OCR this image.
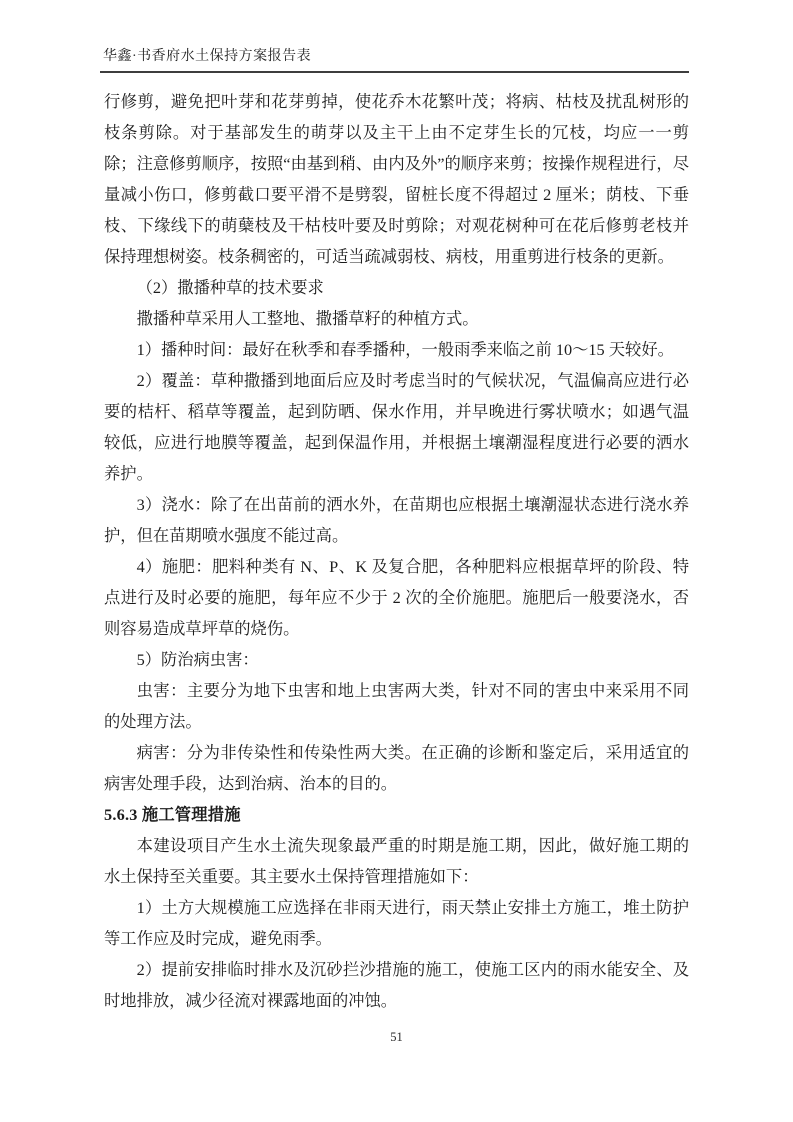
华鑫·书香府水土保持方案报告表

行修剪，避免把叶芽和花芽剪掉，使花乔木花繁叶茂；将病、枯枝及扰乱树形的枝条剪除。对于基部发生的萌芽以及主干上由不定芽生长的冗枝，均应一一剪除；注意修剪顺序，按照“由基到稍、由内及外”的顺序来剪；按操作规程进行，尽量减小伤口，修剪截口要平滑不是劈裂，留桩长度不得超过 2 厘米；荫枝、下垂枝、下缘线下的萌蘖枝及干枯枝叶要及时剪除；对观花树种可在花后修剪老枝并保持理想树姿。枝条稠密的，可适当疏减弱枝、病枝，用重剪进行枝条的更新。

（2）撒播种草的技术要求

撒播种草采用人工整地、撒播草籽的种植方式。

1）播种时间：最好在秋季和春季播种，一般雨季来临之前 10～15 天较好。

2）覆盖：草种撒播到地面后应及时考虑当时的气候状况，气温偏高应进行必要的桔杆、稻草等覆盖，起到防晒、保水作用，并早晚进行雾状喷水；如遇气温较低，应进行地膜等覆盖，起到保温作用，并根据土壤潮湿程度进行必要的洒水养护。

3）浇水：除了在出苗前的洒水外，在苗期也应根据土壤潮湿状态进行浇水养护，但在苗期喷水强度不能过高。

4）施肥：肥料种类有 N、P、K 及复合肥，各种肥料应根据草坪的阶段、特点进行及时必要的施肥，每年应不少于 2 次的全价施肥。施肥后一般要浇水，否则容易造成草坪草的烧伤。

5）防治病虫害：

虫害：主要分为地下虫害和地上虫害两大类，针对不同的害虫中来采用不同的处理方法。

病害：分为非传染性和传染性两大类。在正确的诊断和鉴定后，采用适宜的病害处理手段，达到治病、治本的目的。

5.6.3 施工管理措施

本建设项目产生水土流失现象最严重的时期是施工期，因此，做好施工期的水土保持至关重要。其主要水土保持管理措施如下：

1）土方大规模施工应选择在非雨天进行，雨天禁止安排土方施工，堆土防护等工作应及时完成，避免雨季。

2）提前安排临时排水及沉砂拦沙措施的施工，使施工区内的雨水能安全、及时地排放，减少径流对裸露地面的冲蚀。

51
